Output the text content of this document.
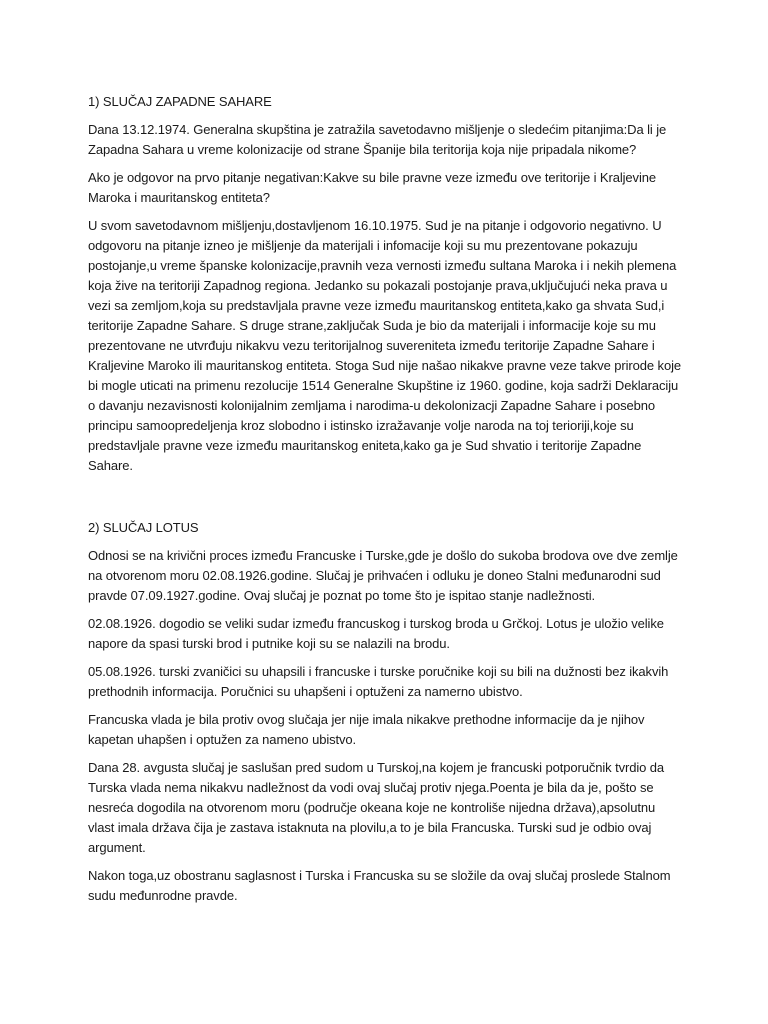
1) SLUČAJ ZAPADNE SAHARE

Dana 13.12.1974. Generalna skupština je zatražila savetodavno mišljenje o sledećim pitanjima:Da li je Zapadna Sahara u vreme kolonizacije od strane Španije bila teritorija koja nije pripadala nikome?

Ako je odgovor na prvo pitanje negativan:Kakve su bile pravne veze između ove teritorije i Kraljevine Maroka i mauritanskog entiteta?

U svom savetodavnom mišljenju,dostavljenom 16.10.1975. Sud je na pitanje i odgovorio negativno. U odgovoru na pitanje izneo je mišljenje da materijali i infomacije koji su mu prezentovane pokazuju postojanje,u vreme španske kolonizacije,pravnih veza vernosti između sultana Maroka i i nekih plemena koja žive na teritoriji Zapadnog regiona. Jedanko su pokazali postojanje prava,uključujući neka prava u vezi sa zemljom,koja su predstavljala pravne veze između mauritanskog entiteta,kako ga shvata Sud,i teritorije Zapadne Sahare. S druge strane,zaključak Suda je bio da materijali i informacije koje su mu prezentovane ne utvrđuju nikakvu vezu teritorijalnog suvereniteta između teritorije Zapadne Sahare i Kraljevine Maroko ili mauritanskog entiteta. Stoga Sud nije našao nikakve pravne veze takve prirode koje bi mogle uticati na primenu rezolucije 1514 Generalne Skupštine iz 1960. godine, koja sadrži Deklaraciju o davanju nezavisnosti kolonijalnim zemljama i narodima-u dekolonizacji Zapadne Sahare i posebno principu samoopredeljenja kroz slobodno i istinsko izražavanje volje naroda na toj terioriji,koje su predstavljale pravne veze između mauritanskog eniteta,kako ga je Sud shvatio i teritorije Zapadne Sahare.

2) SLUČAJ LOTUS

Odnosi se na krivični proces između Francuske i Turske,gde je došlo do sukoba brodova ove dve zemlje na otvorenom moru 02.08.1926.godine. Slučaj je prihvaćen i odluku je doneo Stalni međunarodni sud pravde 07.09.1927.godine. Ovaj slučaj je poznat po tome što je ispitao stanje nadležnosti.

02.08.1926. dogodio se veliki sudar između francuskog i turskog broda u Grčkoj. Lotus je uložio velike napore da spasi turski brod i putnike koji su se nalazili na brodu.

05.08.1926. turski zvaničici su uhapsili i francuske i turske poručnike koji su bili na dužnosti bez ikakvih prethodnih informacija. Poručnici su uhapšeni i optuženi za namerno ubistvo.

Francuska vlada je bila protiv ovog slučaja jer nije imala nikakve prethodne informacije da je njihov kapetan uhapšen i optužen za nameno ubistvo.

Dana 28. avgusta slučaj je saslušan pred sudom u Turskoj,na kojem je francuski potporučnik tvrdio da Turska vlada nema nikakvu nadležnost da vodi ovaj slučaj protiv njega.Poenta je bila da je, pošto se nesreća dogodila na otvorenom moru (područje okeana koje ne kontroliše nijedna država),apsolutnu vlast imala država čija je zastava istaknuta na plovilu,a to je bila Francuska. Turski sud je odbio ovaj argument.

Nakon toga,uz obostranu saglasnost i Turska i Francuska su se složile da ovaj slučaj proslede Stalnom sudu međunrodne pravde.
